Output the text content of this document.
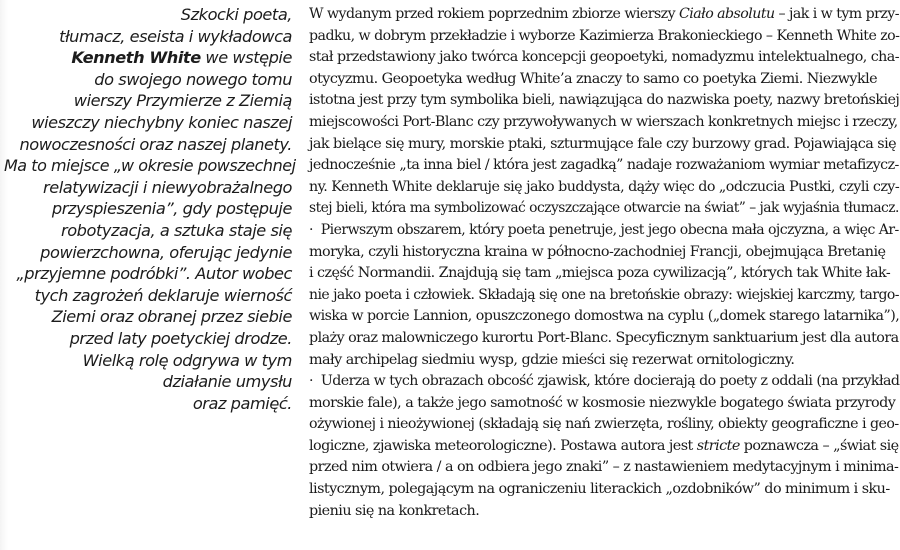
Szkocki poeta,
tłumacz, eseista i wykładowca
Kenneth White we wstępie
do swojego nowego tomu
wierszy Przymierze z Ziemią
wieszczy niechybny koniec naszej
nowoczesności oraz naszej planety.
Ma to miejsce „w okresie powszechnej
relatywizacji i niewyobrażalnego
przyspieszenia”, gdy postępuje
robotyzacja, a sztuka staje się
powierzchowna, oferując jedynie
„przyjemne podróbki”. Autor wobec
tych zagrożeń deklaruje wierność
Ziemi oraz obranej przez siebie
przed laty poetyckiej drodze.
Wielką rolę odgrywa w tym
działanie umysłu
oraz pamięć.
W wydanym przed rokiem poprzednim zbiorze wierszy Ciało absolutu – jak i w tym przy-
padku, w dobrym przekładzie i wyborze Kazimierza Brakonieckiego – Kenneth White zo-
stał przedstawiony jako twórca koncepcji geopoetyki, nomadyzmu intelektualnego, cha-
otycyzmu. Geopoetyka według White’a znaczy to samo co poetyka Ziemi. Niezwykle
istotna jest przy tym symbolika bieli, nawiązująca do nazwiska poety, nazwy bretońskiej
miejscowości Port-Blanc czy przywoływanych w wierszach konkretnych miejsc i rzeczy,
jak bielące się mury, morskie ptaki, szturmujące fale czy burzowy grad. Pojawiająca się
jednocześnie „ta inna biel / która jest zagadką” nadaje rozważaniom wymiar metafizycz-
ny. Kenneth White deklaruje się jako buddysta, dąży więc do „odczucia Pustki, czyli czy-
stej bieli, która ma symbolizować oczyszczające otwarcie na świat” – jak wyjaśnia tłumacz.
· Pierwszym obszarem, który poeta penetruje, jest jego obecna mała ojczyzna, a więc Ar-
moryka, czyli historyczna kraina w północno-zachodniej Francji, obejmująca Bretanię
i część Normandii. Znajdują się tam „miejsca poza cywilizacją”, których tak White łak-
nie jako poeta i człowiek. Składają się one na bretońskie obrazy: wiejskiej karczmy, targo-
wiska w porcie Lannion, opuszczonego domostwa na cyplu („domek starego latarnika”),
plaży oraz malowniczego kurortu Port-Blanc. Specyficznym sanktuarium jest dla autora
mały archipelag siedmiu wysp, gdzie mieści się rezerwat ornitologiczny.
· Uderza w tych obrazach obcość zjawisk, które docierają do poety z oddali (na przykład
morskie fale), a także jego samotność w kosmosie niezwykle bogatego świata przyrody
ożywionej i nieożywionej (składają się nań zwierzęta, rośliny, obiekty geograficzne i geo-
logiczne, zjawiska meteorologiczne). Postawa autora jest stricte poznawcza – „świat się
przed nim otwiera / a on odbiera jego znaki” – z nastawieniem medytacyjnym i minima-
listycznym, polegającym na ograniczeniu literackich „ozdobników” do minimum i sku-
pieniu się na konkretach.
